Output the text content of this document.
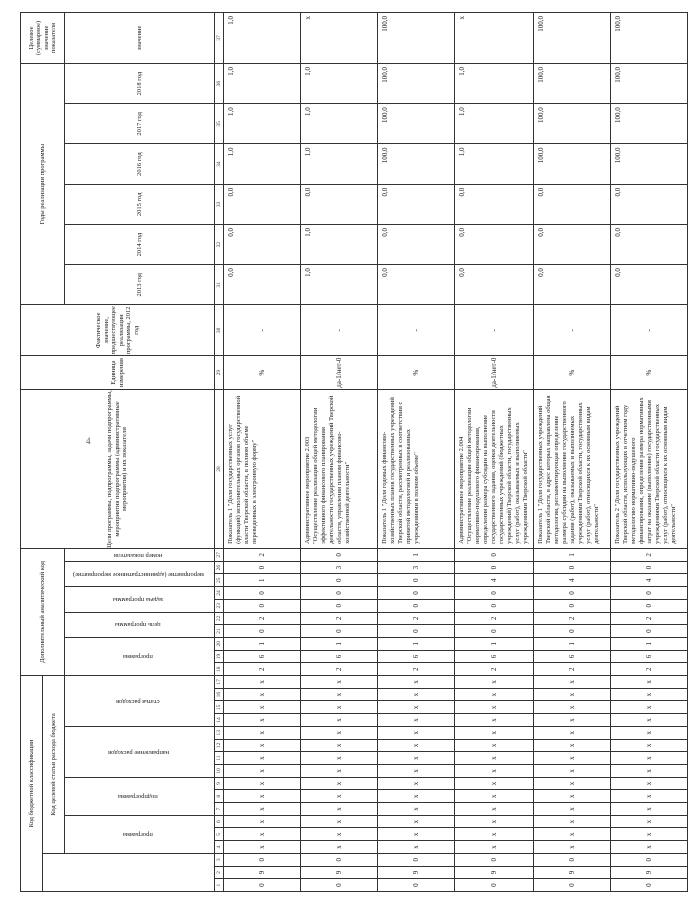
Код бюджетной классификации																	Дополнительный аналитический код										Цели программы, подпрограммы, задачи подпрограммы, мероприятия подпрограммы (административные мероприятия) и их показатели	Единица измерения	Фактическое значение, предшествующее реализации программы, 2012 год	Годы реализации программы						Целевое (суммарное) значение показателя
			Код целевой статьи расхода бюджета																																	
			программа			подпрограмма			направление расходов				статья расходов				программа			цель программы		задача программы		мероприятие (административное мероприятие)		номер показателя				2013 год	2014 год	2015 год	2016 год	2017 год	2018 год	значение
1	2	3	4	5	6	7	8	9	10	11	12	13	14	15	16	17	18	19	20	21	22	23	24	25	26	27	28	29	30	31	32	33	34	35	36	37
0	9	0	x	x	x	x	x	x	x	x	x	x	x	x	x	x	2	6	1	0	2	0	0	1	0	2	Показатель 1 "Доля государственных услуг (функций) исполнительных органов государственной власти Тверской области, в полном объеме переведенных в электронную форму"	%	-	0,0	0,0	0,0	1,0	1,0	1,0	1,0
0	9	0	x	x	x	x	x	x	x	x	x	x	x	x	x	x	2	6	1	0	2	0	0	0	3	0	Административное мероприятие 2.003 "Осуществление реализации общей методологии эффективного финансового планирования деятельности государственных учреждений Тверской области, управления планом финансово-хозяйственной деятельности"	да-1/нет-0	-	1,0	1,0	0,0	1,0	1,0	1,0	x
0	9	0	x	x	x	x	x	x	x	x	x	x	x	x	x	x	2	6	1	0	2	0	0	0	3	1	Показатель 1 "Доля годовых финансово-хозяйственных планов государственных учреждений Тверской области, рассмотренных в соответствии с принятой методологией и реализованных учреждениями в полном объеме"	%	-	0,0	0,0	0,0	100,0	100,0	100,0	100,0
0	9	0	x	x	x	x	x	x	x	x	x	x	x	x	x	x	2	6	1	0	2	0	0	4	0	0	Административное мероприятие 2.004 "Осуществление реализации общей методологии нормативно-подушевого финансирования, определения размера субсидии на выполнение государственного задания, оценки деятельности государственных учреждений (бюджетных учреждений) Тверской области, государственных услуг (работ), оказываемых и выполняемых учреждениями Тверской области"	да-1/нет-0	-	0,0	0,0	0,0	1,0	1,0	1,0	x
0	9	0	x	x	x	x	x	x	x	x	x	x	x	x	x	x	2	6	1	0	2	0	0	4	0	1	Показатель 1 "Доля государственных учреждений Тверской области, в адрес которых направлена общая методология, регламентирующая определение размера субсидии на выполнение государственного задания (работ), оказываемых и выполняемых учреждениями Тверской области, государственных услуг (работ), относящихся к их основным видам деятельности"	%	-	0,0	0,0	0,0	100,0	100,0	100,0	100,0
0	9	0	x	x	x	x	x	x	x	x	x	x	x	x	x	x	2	6	1	0	2	0	0	4	0	2	Показатель 2 "Доля государственных учреждений Тверской области, использующих в отчетном году методологию нормативно-подушевого финансирования, определения размера нормативных затрат на оказание (выполнение) государственными учреждениями Тверской области государственных услуг (работ), относящихся к их основным видам деятельности"	%	-	0,0	0,0	0,0	100,0	100,0	100,0	100,0
4
